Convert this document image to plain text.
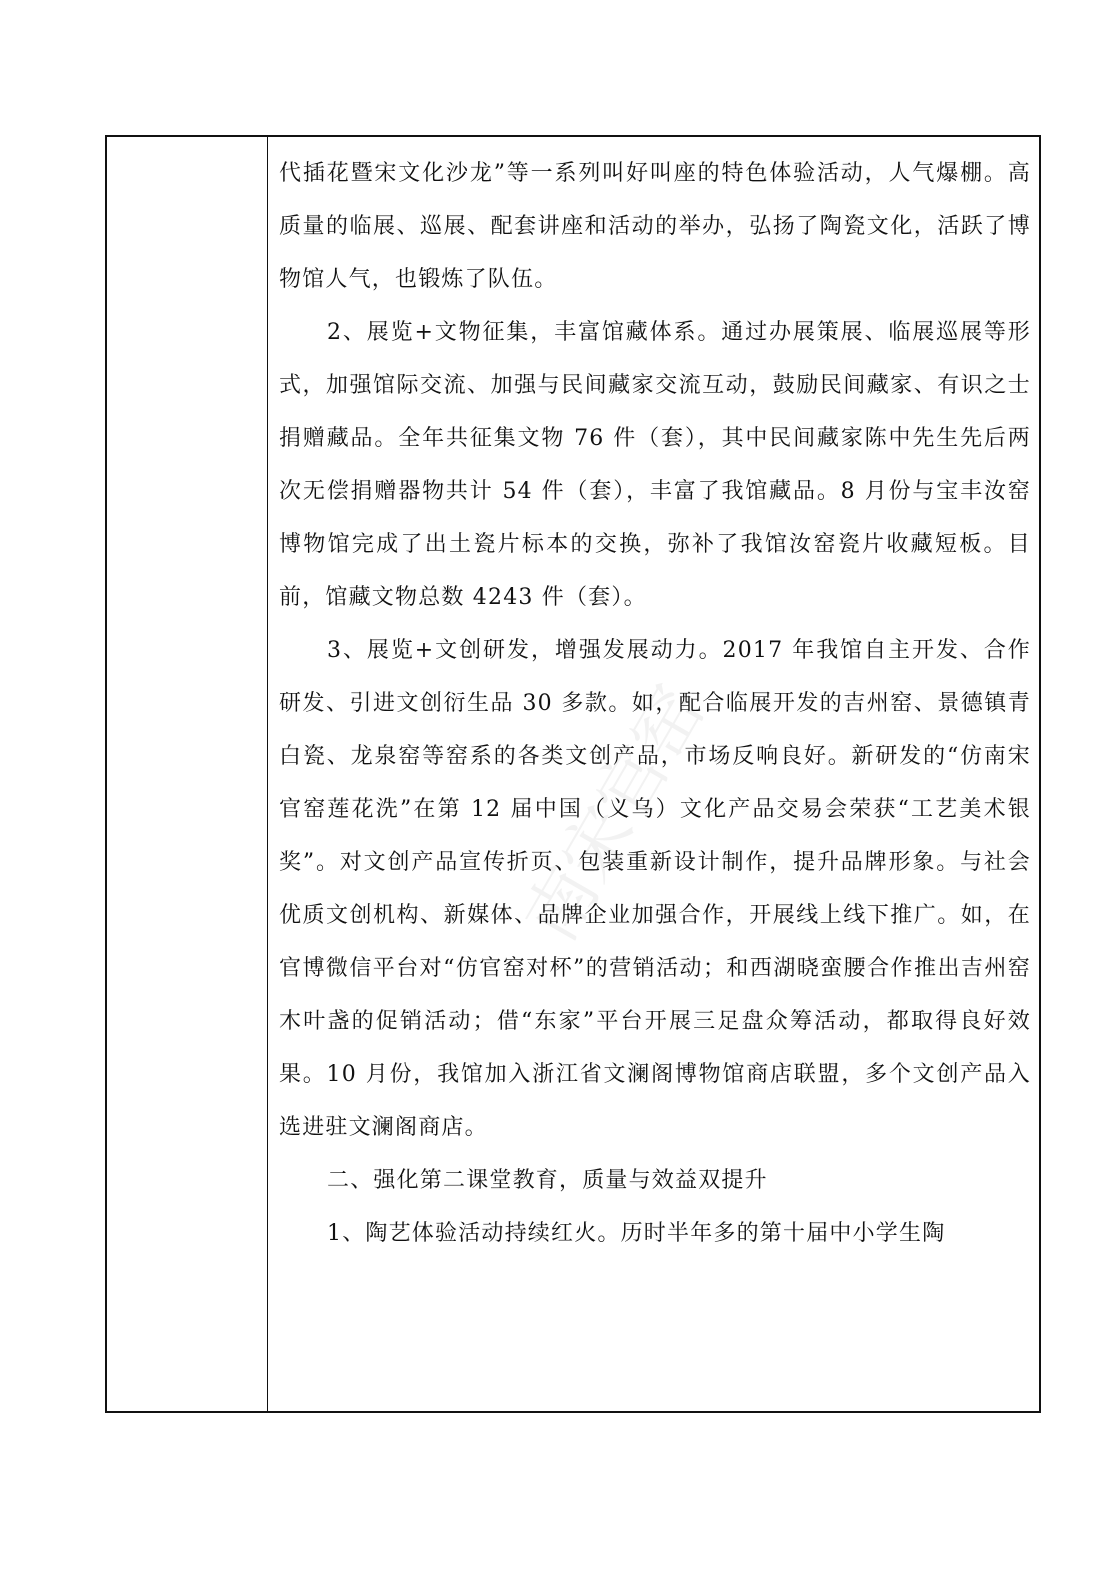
代插花暨宋文化沙龙”等一系列叫好叫座的特色体验活动，人气爆棚。高质量的临展、巡展、配套讲座和活动的举办，弘扬了陶瓷文化，活跃了博物馆人气，也锻炼了队伍。

2、展览+文物征集，丰富馆藏体系。通过办展策展、临展巡展等形式，加强馆际交流、加强与民间藏家交流互动，鼓励民间藏家、有识之士捐赠藏品。全年共征集文物 76 件（套），其中民间藏家陈中先生先后两次无偿捐赠器物共计 54 件（套），丰富了我馆藏品。8 月份与宝丰汝窑博物馆完成了出土瓷片标本的交换，弥补了我馆汝窑瓷片收藏短板。目前，馆藏文物总数 4243 件（套）。

3、展览+文创研发，增强发展动力。2017 年我馆自主开发、合作研发、引进文创衍生品 30 多款。如，配合临展开发的吉州窑、景德镇青白瓷、龙泉窑等窑系的各类文创产品，市场反响良好。新研发的“仿南宋官窑莲花洗”在第 12 届中国（义乌）文化产品交易会荣获“工艺美术银奖”。对文创产品宣传折页、包装重新设计制作，提升品牌形象。与社会优质文创机构、新媒体、品牌企业加强合作，开展线上线下推广。如，在官博微信平台对“仿官窑对杯”的营销活动；和西湖晓蛮腰合作推出吉州窑木叶盏的促销活动；借“东家”平台开展三足盘众筹活动，都取得良好效果。10 月份，我馆加入浙江省文澜阁博物馆商店联盟，多个文创产品入选进驻文澜阁商店。

二、强化第二课堂教育，质量与效益双提升

1、陶艺体验活动持续红火。历时半年多的第十届中小学生陶

南宋官窑
